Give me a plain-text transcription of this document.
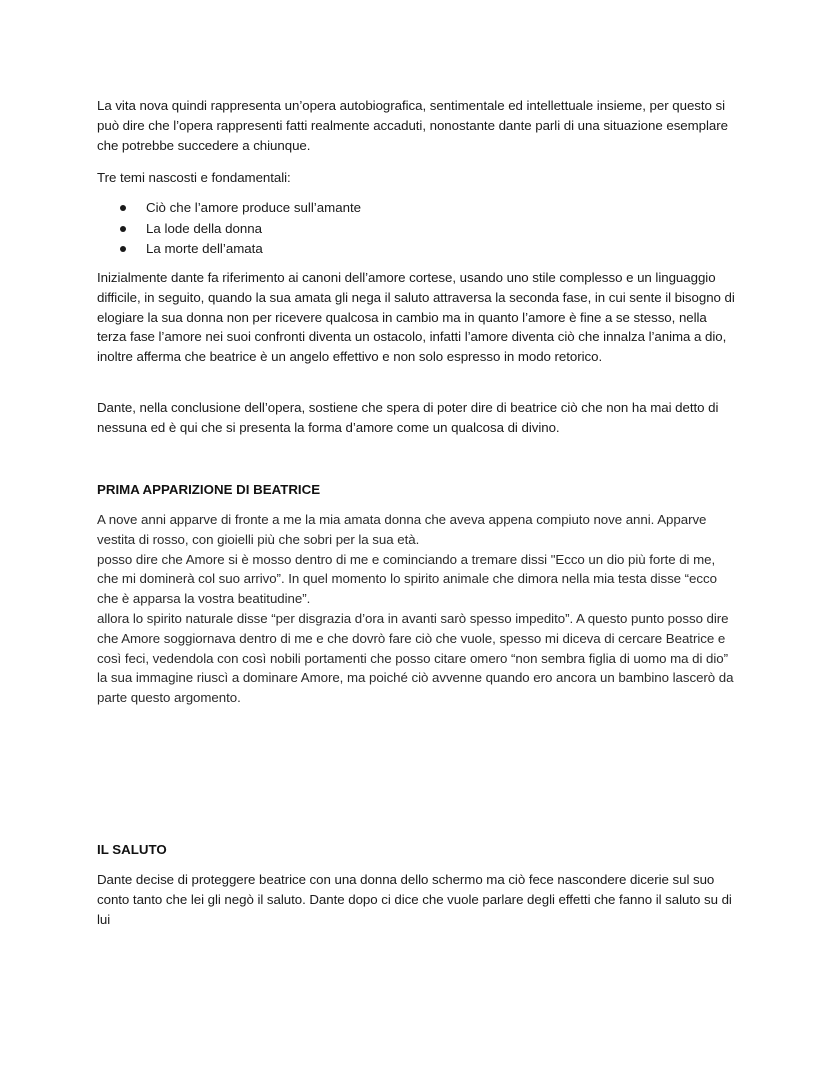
La vita nova quindi rappresenta un’opera autobiografica, sentimentale ed intellettuale insieme, per questo si può dire che l’opera rappresenti fatti realmente accaduti, nonostante dante parli di una situazione esemplare che potrebbe succedere a chiunque.

Tre temi nascosti e fondamentali:

Ciò che l’amore produce sull’amante
La lode della donna
La morte dell’amata

Inizialmente dante fa riferimento ai canoni dell’amore cortese, usando uno stile complesso e un linguaggio difficile, in seguito, quando la sua amata gli nega il saluto attraversa la seconda fase, in cui sente il bisogno di elogiare la sua donna non per ricevere qualcosa in cambio ma in quanto l’amore è fine a se stesso, nella terza fase l’amore nei suoi confronti diventa un ostacolo, infatti l’amore diventa ciò che innalza l’anima a dio, inoltre afferma che beatrice è un angelo effettivo e non solo espresso in modo retorico.

Dante, nella conclusione dell’opera, sostiene che spera di poter dire di beatrice ciò che non ha mai detto di nessuna ed è qui che si presenta la forma d’amore come un qualcosa di divino.

PRIMA APPARIZIONE DI BEATRICE

A nove anni apparve di fronte a me la mia amata donna che aveva appena compiuto nove anni. Apparve vestita di rosso, con gioielli più che sobri per la sua età.

posso dire che Amore si è mosso dentro di me e cominciando a tremare dissi "Ecco un dio più forte di me, che mi dominerà col suo arrivo”. In quel momento lo spirito animale che dimora nella mia testa disse “ecco che è apparsa la vostra beatitudine”.

allora lo spirito naturale disse “per disgrazia d’ora in avanti sarò spesso impedito”. A questo punto posso dire che Amore soggiornava dentro di me e che dovrò fare ciò che vuole, spesso mi diceva di cercare Beatrice e così feci, vedendola con così nobili portamenti che posso citare omero “non sembra figlia di uomo ma di dio” la sua immagine riuscì a dominare Amore, ma poiché ciò avvenne quando ero ancora un bambino lascerò da parte questo argomento.

IL SALUTO

Dante decise di proteggere beatrice con una donna dello schermo ma ciò fece nascondere dicerie sul suo conto tanto che lei gli negò il saluto. Dante dopo ci dice che vuole parlare degli effetti che fanno il saluto su di lui
